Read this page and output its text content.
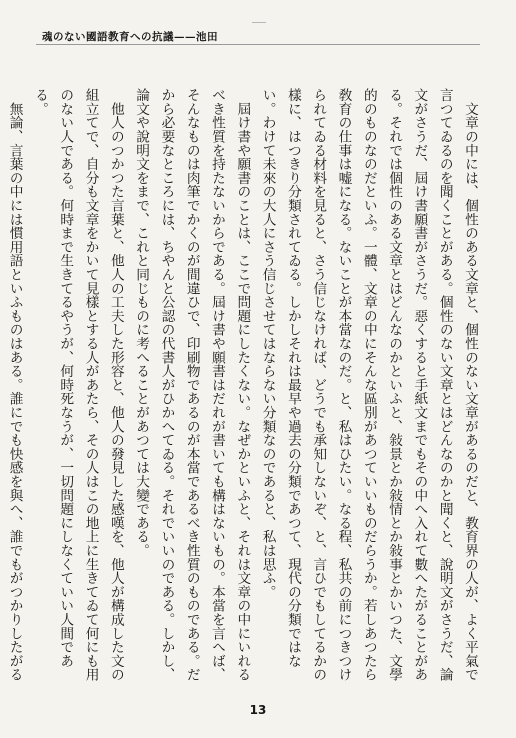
魂のない國語教育への抗議——池田

　文章の中には、個性のある文章と、個性のない文章があるのだと、教育界の人が、よく平氣で言つてゐるのを聞くことがある。個性のない文章とはどんなのかと聞くと、說明文がさうだ、論文がさうだ、屆け書願書がさうだ。惡くすると手紙文までもその中へ入れて數へたがることがある。それでは個性のある文章とはどんなのかといふと、敍景とか敍情とか敍事とかいつた、文學的のものなのだといふ。一體、文章の中にそんな區別があつていいものだらうか。若しあつたら敎育の仕事は嘘になる。ないことが本當なのだ。と、私はひたい。なる程、私共の前につきつけられてゐる材料を見ると、さう信じなければ、どうでも承知しないぞ、と、言ひでもしてるかの樣に、はつきり分類されてゐる。しかしそれは最早や過去の分類であつて、現代の分類ではない。わけて未來の大人にさう信じさせてはならない分類なのであると、私は思ふ。

　屆け書や願書のことは、ここで問題にしたくない。なぜかといふと、それは文章の中にいれるべき性質を持たないからである。屆け書や願書はだれが書いても構はないもの。本當を言へば、そんなものは肉筆でかくのが間違ひで、印刷物であるのが本當であるべき性質のものである。だから必要なところには、ちやんと公認の代書人がひかへてゐる。それでいいのである。しかし、論文や說明文をまで、これと同じものに考へることがあつては大變である。

　他人のつかつた言葉と、他人の工夫した形容と、他人の發見した感嘆を、他人が構成した文の組立てで、自分も文章をかいて見樣とする人があたら、その人はこの地上に生きてゐて何にも用のない人である。何時まで生きてるやうが、何時死なうが、一切問題にしなくていい人間である。

　無論、言葉の中には慣用語といふものはある。誰にでも快感を與へ、誰でもがつかりしたがる

13
